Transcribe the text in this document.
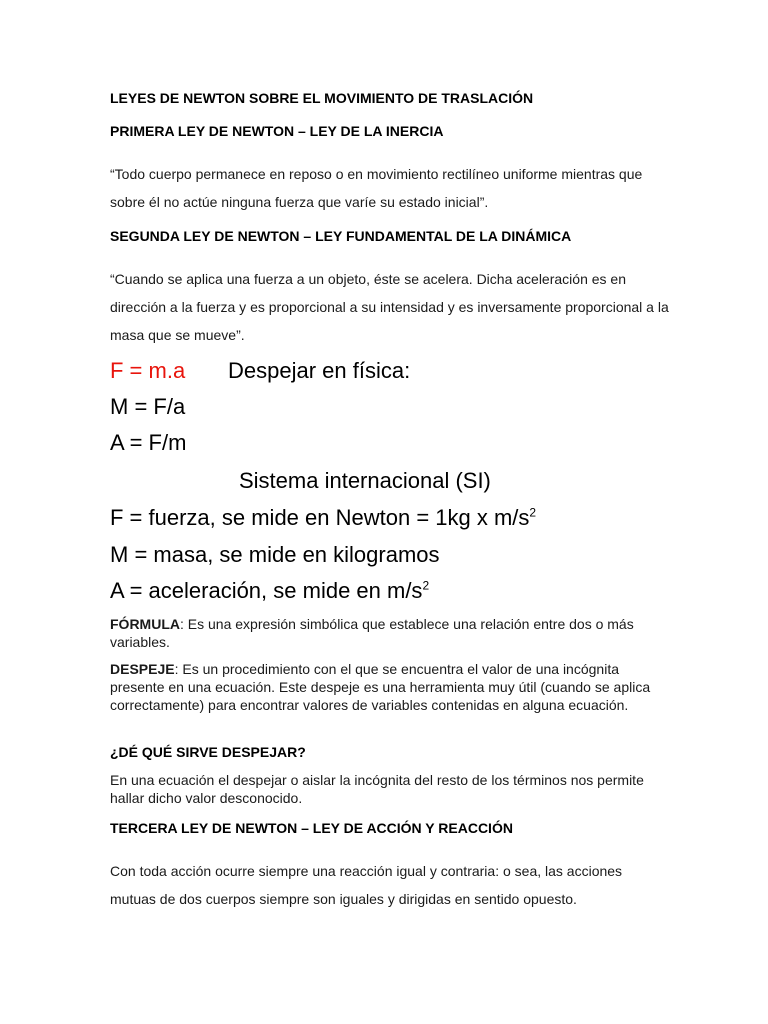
LEYES DE NEWTON SOBRE EL MOVIMIENTO DE TRASLACIÓN
PRIMERA LEY DE NEWTON – LEY DE LA INERCIA
“Todo cuerpo permanece en reposo o en movimiento rectilíneo uniforme mientras que sobre él no actúe ninguna fuerza que varíe su estado inicial”.
SEGUNDA LEY DE NEWTON – LEY FUNDAMENTAL DE LA DINÁMICA
“Cuando se aplica una fuerza a un objeto, éste se acelera. Dicha aceleración es en dirección a la fuerza y es proporcional a su intensidad y es inversamente proporcional a la masa que se mueve”.
F = m.a Despejar en física:
M = F/a
A = F/m
Sistema internacional (SI)
F = fuerza, se mide en Newton = 1kg x $m/s^2$
M = masa, se mide en kilogramos
A = aceleración, se mide en $m/s^2$
FÓRMULA: Es una expresión simbólica que establece una relación entre dos o más variables.
DESPEJE: Es un procedimiento con el que se encuentra el valor de una incógnita presente en una ecuación. Este despeje es una herramienta muy útil (cuando se aplica correctamente) para encontrar valores de variables contenidas en alguna ecuación.
¿DÉ QUÉ SIRVE DESPEJAR?
En una ecuación el despejar o aislar la incógnita del resto de los términos nos permite hallar dicho valor desconocido.
TERCERA LEY DE NEWTON – LEY DE ACCIÓN Y REACCIÓN
Con toda acción ocurre siempre una reacción igual y contraria: o sea, las acciones mutuas de dos cuerpos siempre son iguales y dirigidas en sentido opuesto.
